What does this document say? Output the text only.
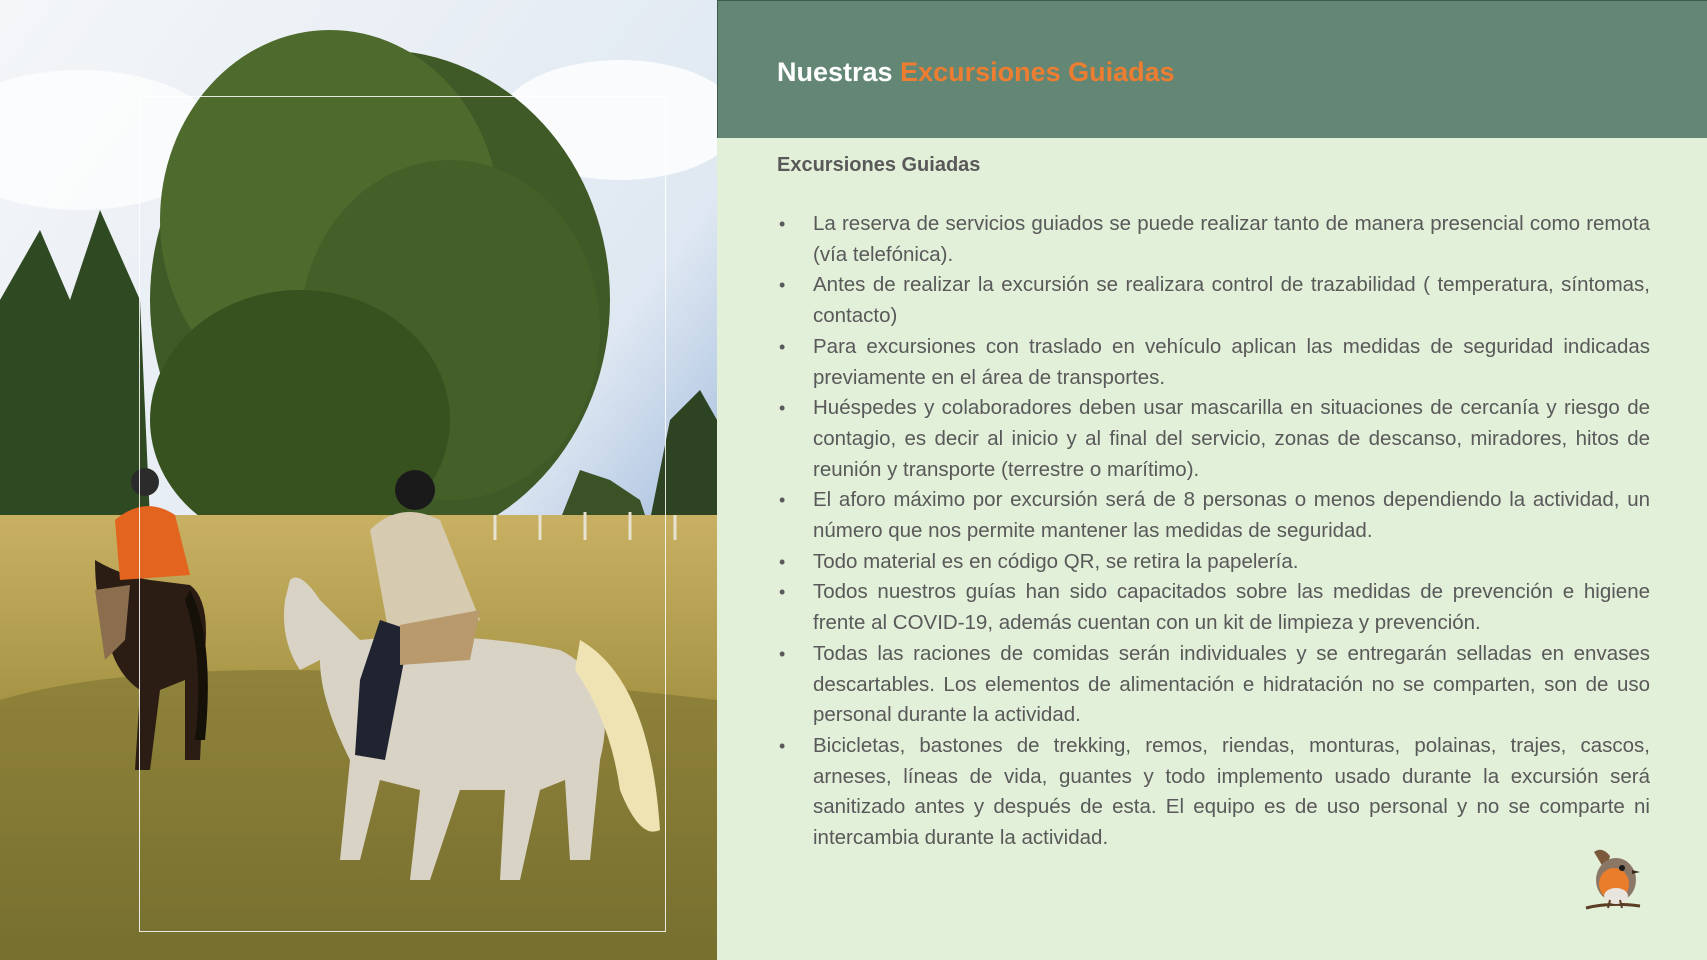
Nuestras Excursiones Guiadas
Excursiones Guiadas
• La reserva de servicios guiados se puede realizar tanto de manera presencial como remota (vía telefónica).
• Antes de realizar la excursión se realizara control de trazabilidad ( temperatura, síntomas, contacto)
• Para excursiones con traslado en vehículo aplican las medidas de seguridad indicadas previamente en el área de transportes.
• Huéspedes y colaboradores deben usar mascarilla en situaciones de cercanía y riesgo de contagio, es decir al inicio y al final del servicio, zonas de descanso, miradores, hitos de reunión y transporte (terrestre o marítimo).
• El aforo máximo por excursión será de 8 personas o menos dependiendo la actividad, un número que nos permite mantener las medidas de seguridad.
• Todo material es en código QR, se retira la papelería.
• Todos nuestros guías han sido capacitados sobre las medidas de prevención e higiene frente al COVID-19, además cuentan con un kit de limpieza y prevención.
• Todas las raciones de comidas serán individuales y se entregarán selladas en envases descartables. Los elementos de alimentación e hidratación no se comparten, son de uso personal durante la actividad.
• Bicicletas, bastones de trekking, remos, riendas, monturas, polainas, trajes, cascos, arneses, líneas de vida, guantes y todo implemento usado durante la excursión será sanitizado antes y después de esta. El equipo es de uso personal y no se comparte ni intercambia durante la actividad.
